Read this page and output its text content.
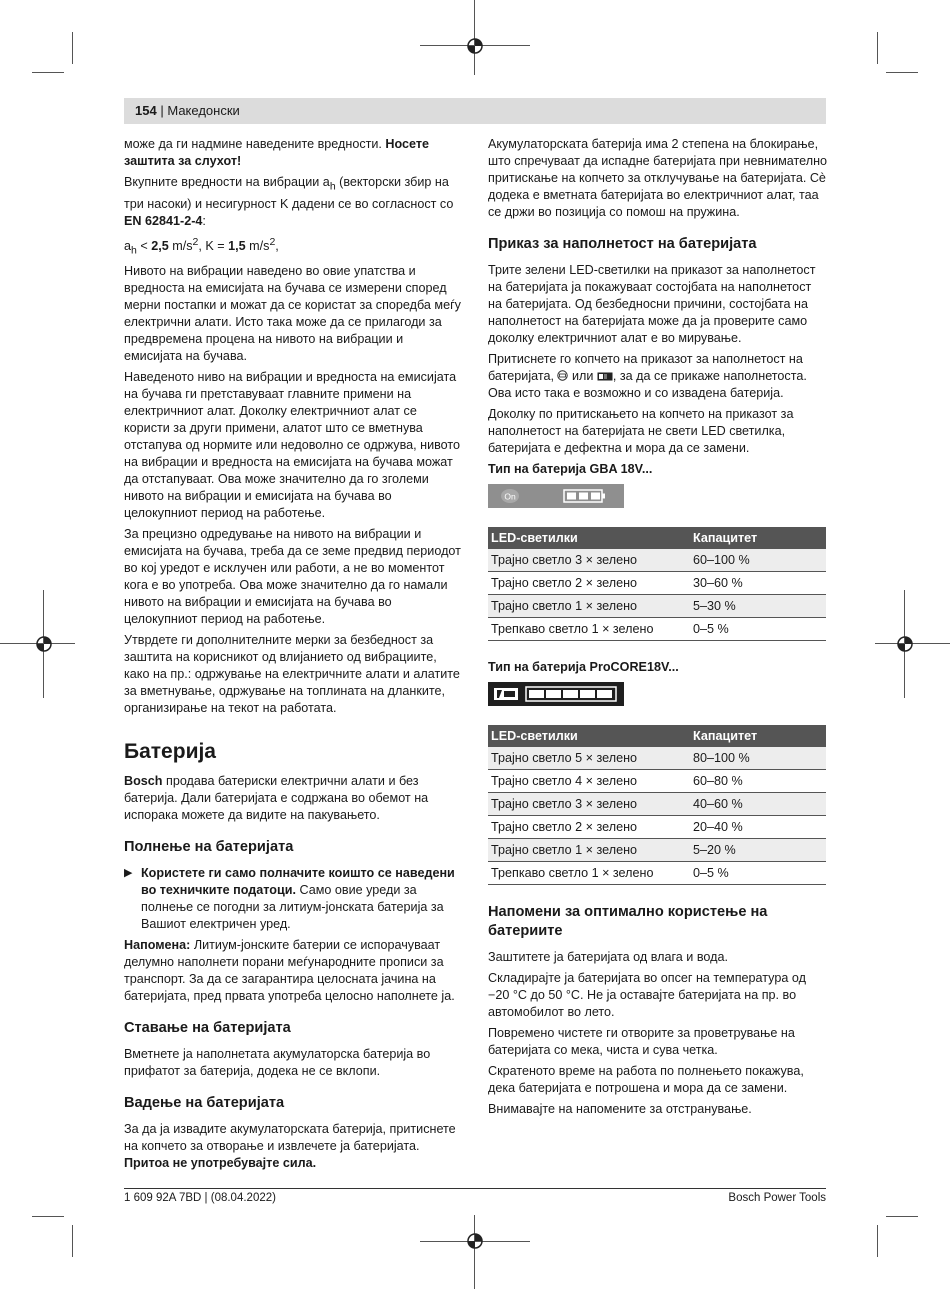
154 | Македонски

може да ги надмине наведените вредности. Носете заштита за слухот!

Вкупните вредности на вибрации $a_h$ (векторски збир на три насоки) и несигурност K дадени се во согласност со EN 62841-2-4:

$a_h < 2,5$ $m/s^2$, K = 1,5 $m/s^2$,

Нивото на вибрации наведено во овие упатства и вредноста на емисијата на бучава се измерени според мерни постапки и можат да се користат за споредба меѓу електрични алати. Исто така може да се прилагоди за предвремена процена на нивото на вибрации и емисијата на бучава.

Наведеното ниво на вибрации и вредноста на емисијата на бучава ги претставуваат главните примени на електричниот алат. Доколку електричниот алат се користи за други примени, алатот што се вметнува отстапува од нормите или недоволно се одржува, нивото на вибрации и вредноста на емисијата на бучава можат да отстапуваат. Ова може значително да го зголеми нивото на вибрации и емисијата на бучава во целокупниот период на работење.

За прецизно одредување на нивото на вибрации и емисијата на бучава, треба да се земе предвид периодот во кој уредот е исклучен или работи, а не во моментот кога е во употреба. Ова може значително да го намали нивото на вибрации и емисијата на бучава во целокупниот период на работење.

Утврдете ги дополнителните мерки за безбедност за заштита на корисникот од влијанието од вибрациите, како на пр.: одржување на електричните алати и алатите за вметнување, одржување на топлината на дланките, организирање на текот на работата.

Батерија

Bosch продава батериски електрични алати и без батерија. Дали батеријата е содржана во обемот на испорака можете да видите на пакувањето.

Полнење на батеријата
▶ Користете ги само полначите коишто се наведени во техничките податоци. Само овие уреди за полнење се погодни за литиум-јонската батерија за Вашиот електричен уред.

Напомена: Литиум-јонските батерии се испорачуваат делумно наполнети порани меѓународните прописи за транспорт. За да се загарантира целосната јачина на батеријата, пред првата употреба целосно наполнете ја.

Ставање на батеријата

Вметнете ја наполнетата акумулаторска батерија во прифатот за батерија, додека не се вклопи.

Вадење на батеријата

За да ја извадите акумулаторската батерија, притиснете на копчето за отворање и извлечете ја батеријата. Притоа не употребувајте сила.

Акумулаторската батерија има 2 степена на блокирање, што спречуваат да испадне батеријата при невнимателно притискање на копчето за отклучување на батеријата. Сè додека е вметната батеријата во електричниот алат, таа се држи во позиција со помош на пружина.

Приказ за наполнетост на батеријата

Трите зелени LED-светилки на приказот за наполнетост на батеријата ја покажуваат состојбата на наполнетост на батеријата. Од безбедносни причини, состојбата на наполнетост на батеријата може да ја проверите само доколку електричниот алат е во мирување.

Притиснете го копчето на приказот за наполнетост на батеријата,  или , за да се прикаже наполнетоста. Ова исто така е возможно и со извадена батерија.

Доколку по притискањето на копчето на приказот за наполнетост на батеријата не свети LED светилка, батеријата е дефектна и мора да се замени.

Тип на батерија GBA 18V...
On
LED-светилки	Капацитет
Трајно светло 3 × зелено	60–100 %
Трајно светло 2 × зелено	30–60 %
Трајно светло 1 × зелено	5–30 %
Трепкаво светло 1 × зелено	0–5 %
Тип на батерија ProCORE18V...
LED-светилки	Капацитет
Трајно светло 5 × зелено	80–100 %
Трајно светло 4 × зелено	60–80 %
Трајно светло 3 × зелено	40–60 %
Трајно светло 2 × зелено	20–40 %
Трајно светло 1 × зелено	5–20 %
Трепкаво светло 1 × зелено	0–5 %
Напомени за оптимално користење на батериите

Заштитете ја батеријата од влага и вода.

Складирајте ја батеријата во опсег на температура од −20 °C до 50 °C. Не ја оставајте батеријата на пр. во автомобилот во лето.

Повремено чистете ги отворите за проветрување на батеријата со мека, чиста и сува четка.

Скратеното време на работа по полнењето покажува, дека батеријата е потрошена и мора да се замени.

Внимавајте на напомените за отстранување.

1 609 92A 7BD | (08.04.2022)	Bosch Power Tools
